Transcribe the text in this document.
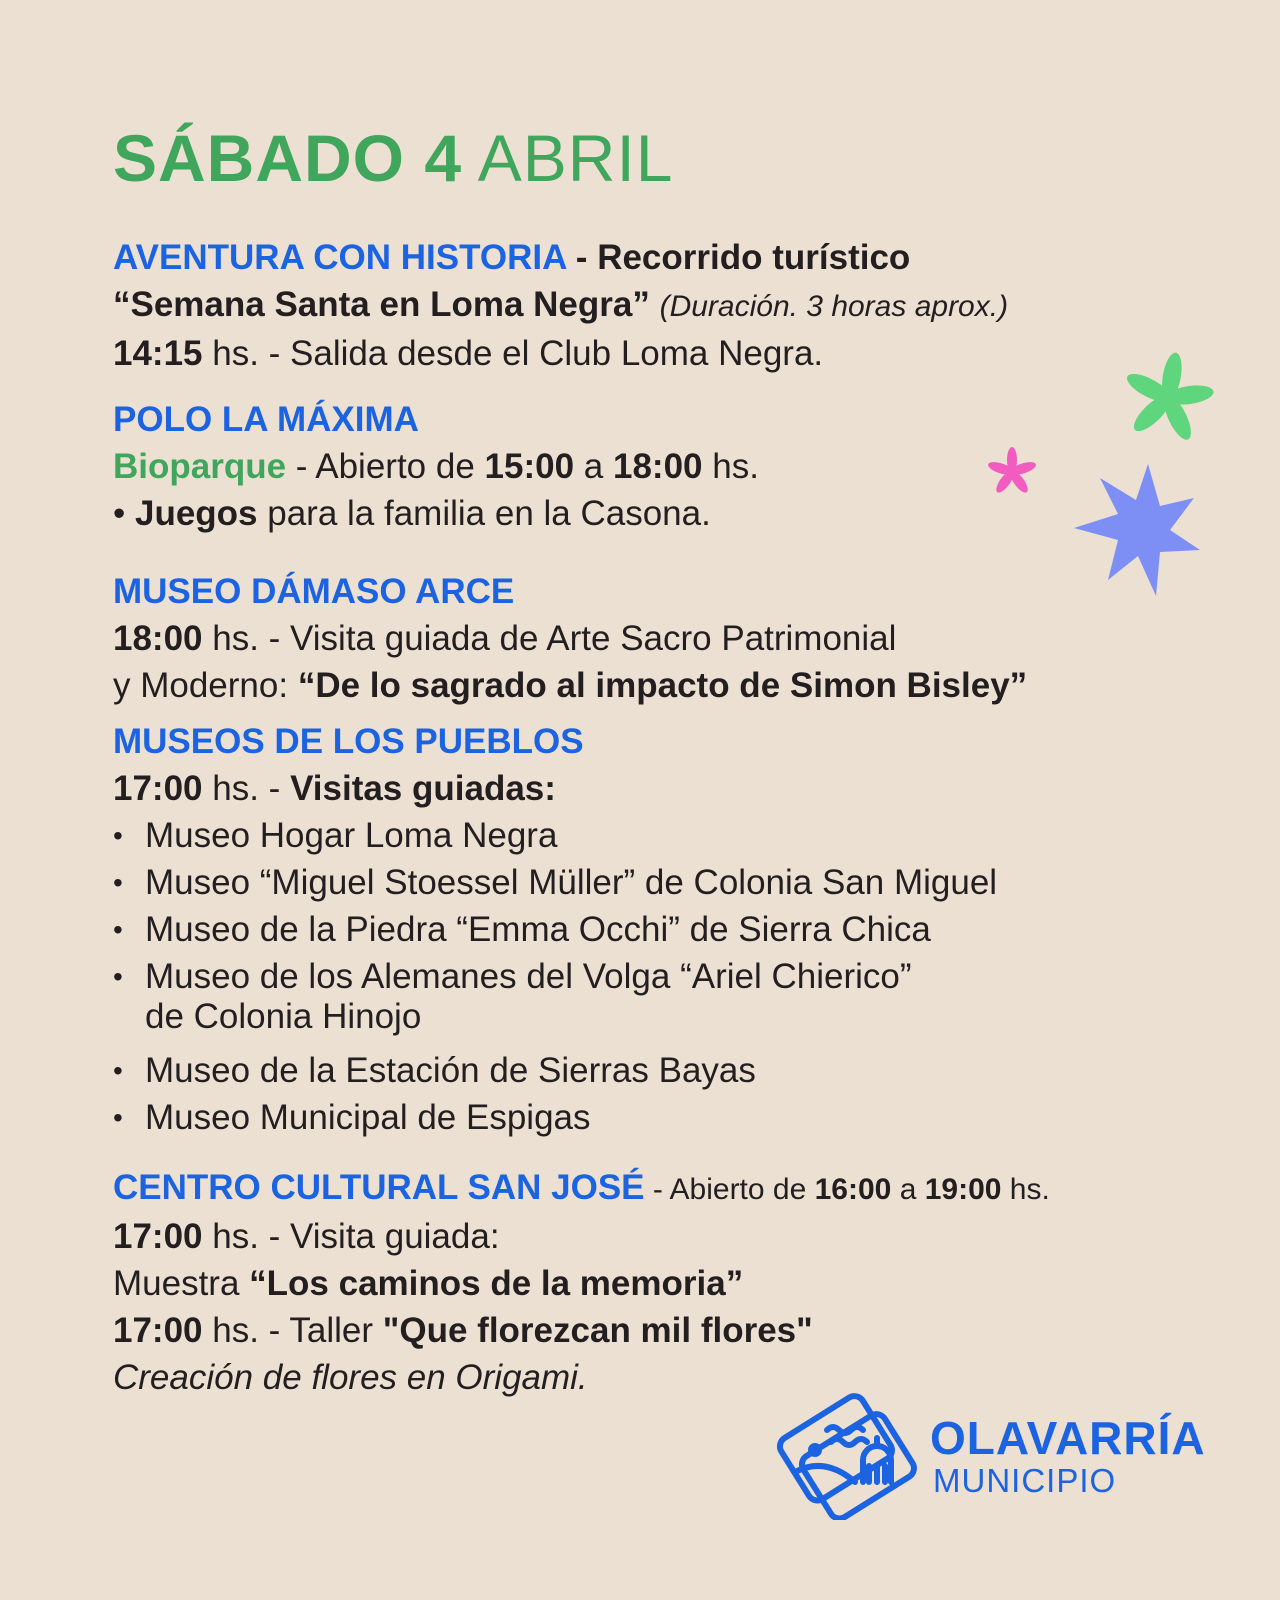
SÁBADO 4 ABRIL
AVENTURA CON HISTORIA - Recorrido turístico
“Semana Santa en Loma Negra” (Duración. 3 horas aprox.)
14:15 hs. - Salida desde el Club Loma Negra.
POLO LA MÁXIMA
Bioparque - Abierto de 15:00 a 18:00 hs.
• Juegos para la familia en la Casona.
MUSEO DÁMASO ARCE
18:00 hs. - Visita guiada de Arte Sacro Patrimonial
y Moderno: “De lo sagrado al impacto de Simon Bisley”
MUSEOS DE LOS PUEBLOS
17:00 hs. - Visitas guiadas:
• Museo Hogar Loma Negra
• Museo “Miguel Stoessel Müller” de Colonia San Miguel
• Museo de la Piedra “Emma Occhi” de Sierra Chica
• Museo de los Alemanes del Volga “Ariel Chierico”
de Colonia Hinojo
• Museo de la Estación de Sierras Bayas
• Museo Municipal de Espigas
CENTRO CULTURAL SAN JOSÉ - Abierto de 16:00 a 19:00 hs.
17:00 hs. - Visita guiada:
Muestra “Los caminos de la memoria”
17:00 hs. - Taller "Que florezcan mil flores"
Creación de flores en Origami.
OLAVARRÍA
MUNICIPIO
